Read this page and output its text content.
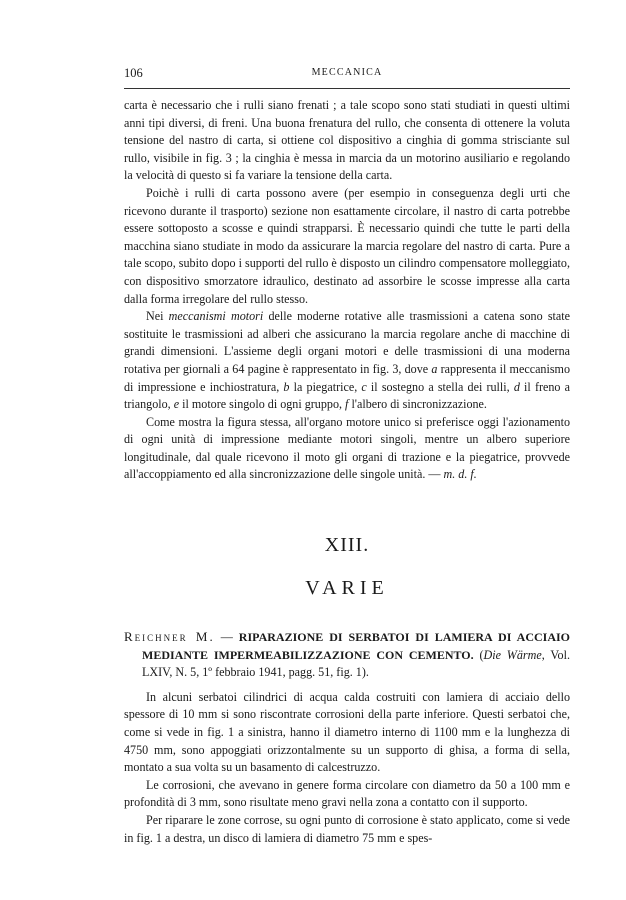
106	MECCANICA

carta è necessario che i rulli siano frenati ; a tale scopo sono stati studiati in questi ultimi anni tipi diversi, di freni. Una buona frenatura del rullo, che consenta di ottenere la voluta tensione del nastro di carta, si ottiene col dispositivo a cinghia di gomma strisciante sul rullo, visibile in fig. 3 ; la cinghia è messa in marcia da un motorino ausiliario e regolando la velocità di questo si fa variare la tensione della carta.

Poichè i rulli di carta possono avere (per esempio in conseguenza degli urti che ricevono durante il trasporto) sezione non esattamente circolare, il nastro di carta potrebbe essere sottoposto a scosse e quindi strapparsi. È necessario quindi che tutte le parti della macchina siano studiate in modo da assicurare la marcia regolare del nastro di carta. Pure a tale scopo, subito dopo i supporti del rullo è disposto un cilindro compensatore molleggiato, con dispositivo smorzatore idraulico, destinato ad assorbire le scosse impresse alla carta dalla forma irregolare del rullo stesso.

Nei meccanismi motori delle moderne rotative alle trasmissioni a catena sono state sostituite le trasmissioni ad alberi che assicurano la marcia regolare anche di macchine di grandi dimensioni. L'assieme degli organi motori e delle trasmissioni di una moderna rotativa per giornali a 64 pagine è rappresentato in fig. 3, dove a rappresenta il meccanismo di impressione e inchiostratura, b la piegatrice, c il sostegno a stella dei rulli, d il freno a triangolo, e il motore singolo di ogni gruppo, f l'albero di sincronizzazione.

Come mostra la figura stessa, all'organo motore unico si preferisce oggi l'azionamento di ogni unità di impressione mediante motori singoli, mentre un albero superiore longitudinale, dal quale ricevono il moto gli organi di trazione e la piegatrice, provvede all'accoppiamento ed alla sincronizzazione delle singole unità. — m. d. f.

XIII.
VARIE

Reichner M. — RIPARAZIONE DI SERBATOI DI LAMIERA DI ACCIAIO MEDIANTE IMPERMEABILIZZAZIONE CON CEMENTO. (Die Wärme, Vol. LXIV, N. 5, 1º febbraio 1941, pagg. 51, fig. 1).

In alcuni serbatoi cilindrici di acqua calda costruiti con lamiera di acciaio dello spessore di 10 mm si sono riscontrate corrosioni della parte inferiore. Questi serbatoi che, come si vede in fig. 1 a sinistra, hanno il diametro interno di 1100 mm e la lunghezza di 4750 mm, sono appoggiati orizzontalmente su un supporto di ghisa, a forma di sella, montato a sua volta su un basamento di calcestruzzo.

Le corrosioni, che avevano in genere forma circolare con diametro da 50 a 100 mm e profondità di 3 mm, sono risultate meno gravi nella zona a contatto con il supporto.

Per riparare le zone corrose, su ogni punto di corrosione è stato applicato, come si vede in fig. 1 a destra, un disco di lamiera di diametro 75 mm e spes-
